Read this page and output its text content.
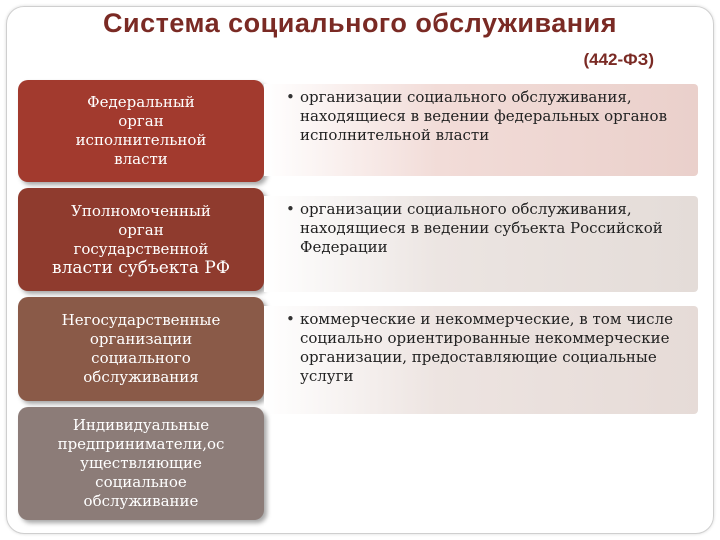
Система социального обслуживания
(442-ФЗ)
Федеральный
орган
исполнительной
власти
• организации социального обслуживания, находящиеся в ведении федеральных органов исполнительной власти
Уполномоченный
орган
государственной
власти субъекта РФ
• организации социального обслуживания, находящиеся в ведении субъекта Российской Федерации
Негосударственные
организации
социального
обслуживания
• коммерческие и некоммерческие, в том числе социально ориентированные некоммерческие организации, предоставляющие социальные услуги
Индивидуальные
предприниматели,ос
уществляющие
социальное
обслуживание
